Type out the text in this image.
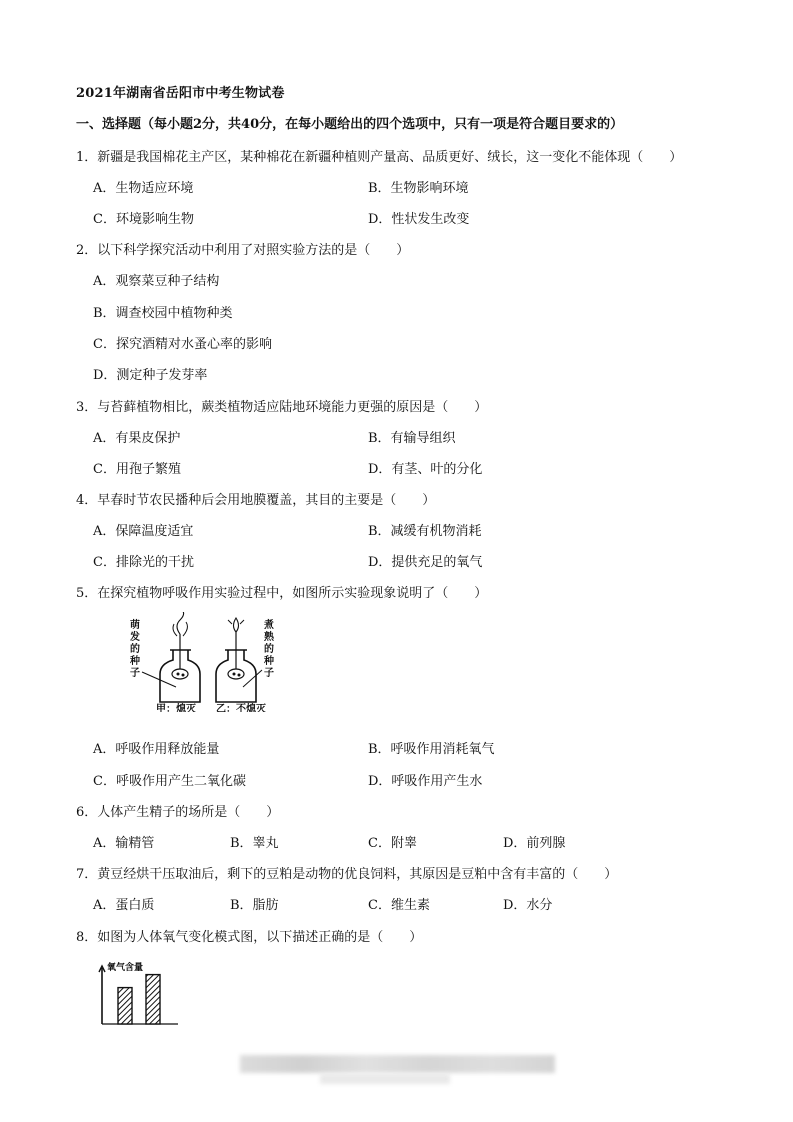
2021年湖南省岳阳市中考生物试卷
一、选择题（每小题2分，共40分，在每小题给出的四个选项中，只有一项是符合题目要求的）
1．新疆是我国棉花主产区，某种棉花在新疆种植则产量高、品质更好、绒长，这一变化不能体现（　　）
A．生物适应环境	B．生物影响环境
C．环境影响生物	D．性状发生改变
2．以下科学探究活动中利用了对照实验方法的是（　　）
A．观察菜豆种子结构
B．调查校园中植物种类
C．探究酒精对水蚤心率的影响
D．测定种子发芽率
3．与苔藓植物相比，蕨类植物适应陆地环境能力更强的原因是（　　）
A．有果皮保护	B．有输导组织
C．用孢子繁殖	D．有茎、叶的分化
4．早春时节农民播种后会用地膜覆盖，其目的主要是（　　）
A．保障温度适宜	B．减缓有机物消耗
C．排除光的干扰	D．提供充足的氧气
5．在探究植物呼吸作用实验过程中，如图所示实验现象说明了（　　）
萌
发
的
种
子
煮
熟
的
种
子
甲：熄灭 乙：不熄灭
A．呼吸作用释放能量	B．呼吸作用消耗氧气
C．呼吸作用产生二氧化碳	D．呼吸作用产生水
6．人体产生精子的场所是（　　）
A．输精管	B．睾丸	C．附睾	D．前列腺
7．黄豆经烘干压取油后，剩下的豆粕是动物的优良饲料，其原因是豆粕中含有丰富的（　　）
A．蛋白质	B．脂肪	C．维生素	D．水分
8．如图为人体氧气变化模式图，以下描述正确的是（　　）
氧气含量
